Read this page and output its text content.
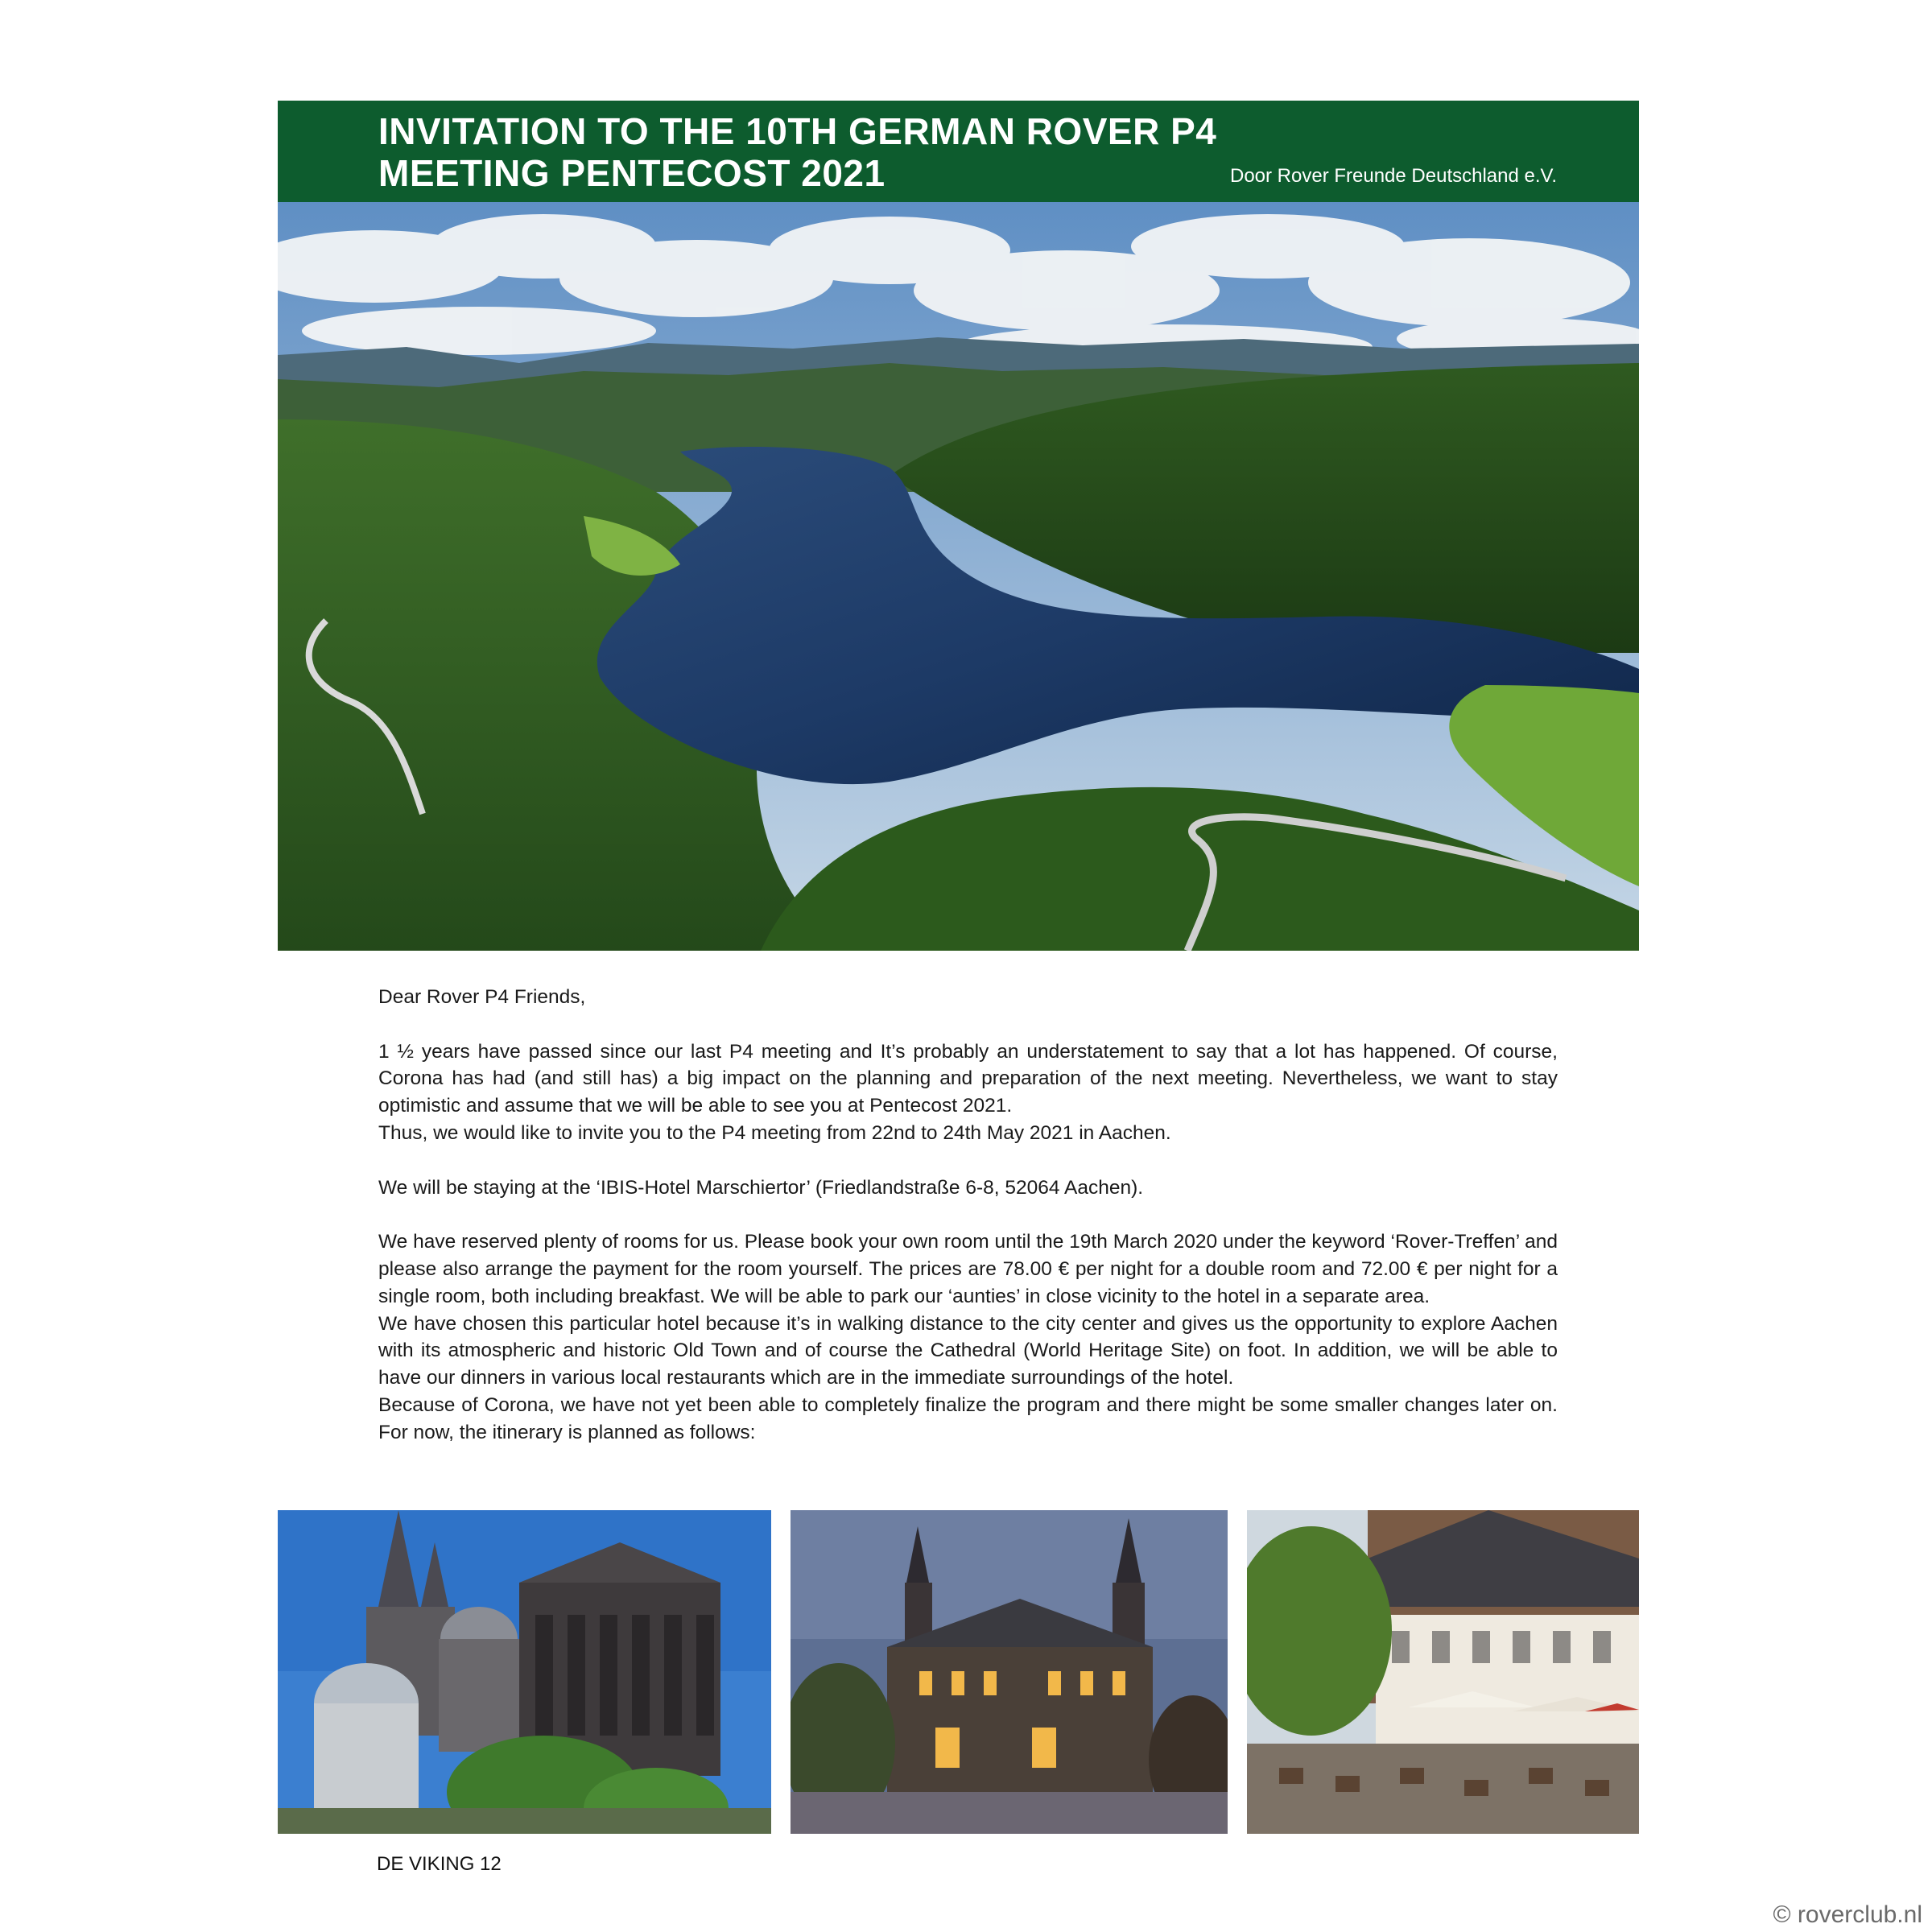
INVITATION TO THE 10TH GERMAN ROVER P4
MEETING PENTECOST 2021	Door Rover Freunde Deutschland e.V.

Dear Rover P4 Friends,

1 ½ years have passed since our last P4 meeting and It’s probably an understatement to say that a lot has happened. Of course, Corona has had (and still has) a big impact on the planning and preparation of the next meeting. Nevertheless, we want to stay optimistic and assume that we will be able to see you at Pentecost 2021.

Thus, we would like to invite you to the P4 meeting from 22nd to 24th May 2021 in Aachen.

We will be staying at the ‘IBIS-Hotel Marschiertor’ (Friedlandstraße 6-8, 52064 Aachen).

We have reserved plenty of rooms for us. Please book your own room until the 19th March 2020 under the keyword ‘Rover-Treffen’ and please also arrange the payment for the room yourself. The prices are 78.00 € per night for a double room and 72.00 € per night for a single room, both including breakfast. We will be able to park our ‘aunties’ in close vicinity to the hotel in a separate area.

We have chosen this particular hotel because it’s in walking distance to the city center and gives us the opportunity to explore Aachen with its atmospheric and historic Old Town and of course the Cathedral (World Heritage Site) on foot. In addition, we will be able to have our dinners in various local restaurants which are in the immediate surroundings of the hotel.

Because of Corona, we have not yet been able to completely finalize the program and there might be some smaller changes later on. For now, the itinerary is planned as follows:

DE VIKING 12
© roverclub.nl
